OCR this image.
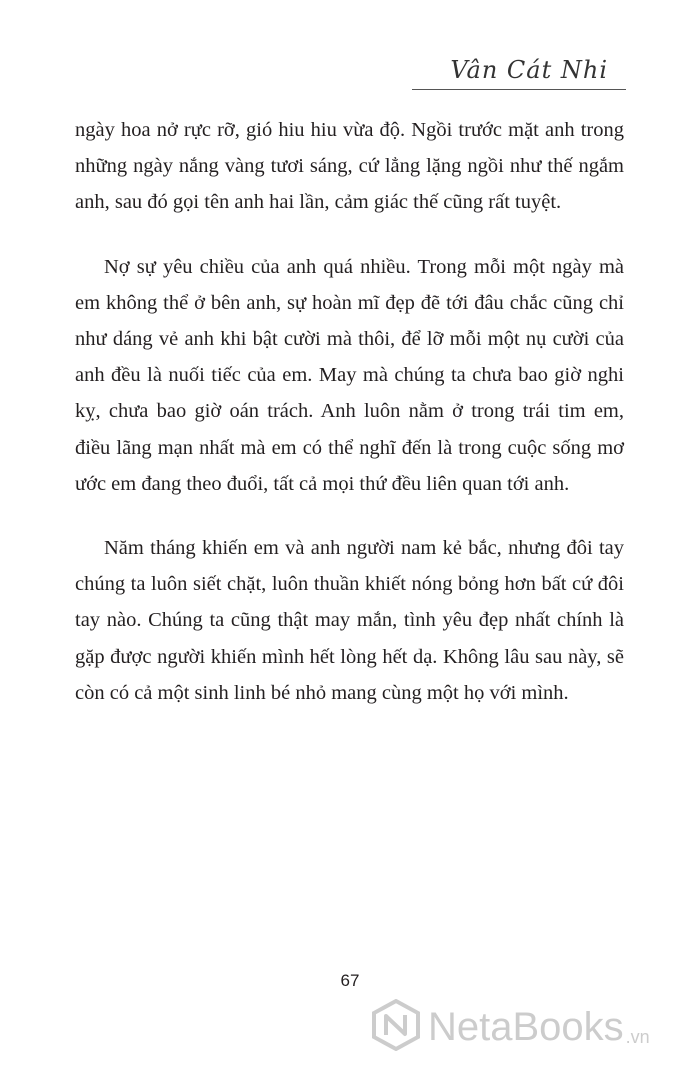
Vân Cát Nhi

ngày hoa nở rực rỡ, gió hiu hiu vừa độ. Ngồi trước mặt anh trong những ngày nắng vàng tươi sáng, cứ lẳng lặng ngồi như thế ngắm anh, sau đó gọi tên anh hai lần, cảm giác thế cũng rất tuyệt.

Nợ sự yêu chiều của anh quá nhiều. Trong mỗi một ngày mà em không thể ở bên anh, sự hoàn mĩ đẹp đẽ tới đâu chắc cũng chỉ như dáng vẻ anh khi bật cười mà thôi, để lỡ mỗi một nụ cười của anh đều là nuối tiếc của em. May mà chúng ta chưa bao giờ nghi kỵ, chưa bao giờ oán trách. Anh luôn nằm ở trong trái tim em, điều lãng mạn nhất mà em có thể nghĩ đến là trong cuộc sống mơ ước em đang theo đuổi, tất cả mọi thứ đều liên quan tới anh.

Năm tháng khiến em và anh người nam kẻ bắc, nhưng đôi tay chúng ta luôn siết chặt, luôn thuần khiết nóng bỏng hơn bất cứ đôi tay nào. Chúng ta cũng thật may mắn, tình yêu đẹp nhất chính là gặp được người khiến mình hết lòng hết dạ. Không lâu sau này, sẽ còn có cả một sinh linh bé nhỏ mang cùng một họ với mình.

67
NetaBooks .vn
